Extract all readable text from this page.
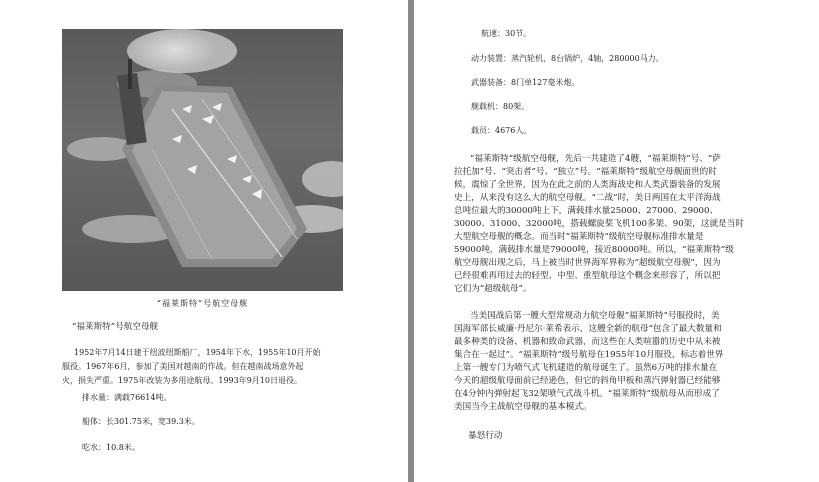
“福莱斯特”号航空母舰
“福莱斯特”号航空母舰
1952年7月14日建于纽波纽斯船厂，1954年下水，1955年10月开始
服役。1967年6月，参加了美国对越南的作战。但在越南战场意外起
火，损失严重。1975年改装为多用途航母。1993年9月10日退役。
排水量：满载76614吨。
船体：长301.75米，宽39.3米。
吃水：10.8米。
航速：30节。
动力装置：蒸汽轮机，8台锅炉，4轴，280000马力。
武器装备：8门单127毫米炮。
舰载机：80架。
载员：4676人。
“福莱斯特”级航空母舰，先后一共建造了4艘，“福莱斯特”号、“萨
拉托加”号、“突击者”号、“独立”号。“福莱斯特”级航空母舰面世的时
候，震惊了全世界，因为在此之前的人类海战史和人类武器装备的发展
史上，从来没有这么大的航空母舰。“二战”时，美日两国在太平洋海战
总吨位最大的30000吨上下，满载排水量25000、27000、29000、
30000、31000、32000吨，搭载螺旋桨飞机100多架、90架，这就是当时
大型航空母舰的概念。而当时“福莱斯特”级航空母舰标准排水量是
59000吨，满载排水量是79000吨，接近80000吨。所以，“福莱斯特”级
航空母舰出现之后，马上被当时世界海军界称为“超级航空母舰”，因为
已经很难再用过去的轻型、中型、重型航母这个概念来形容了，所以把
它们为“超级航母”。
当美国战后第一艘大型常规动力航空母舰“福莱斯特”号服役时，美
国海军部长威廉·丹尼尔·莱希表示，这艘全新的航母“包含了最大数量和
最多种类的设备、机器和致命武器，而这些在人类喧嚣的历史中从未被
集合在一起过”。“福莱斯特”级号航母在1955年10月服役，标志着世界
上第一艘专门为喷气式飞机建造的航母诞生了。虽然6万吨的排水量在
今天的超级航母面前已经逊色，但它的斜角甲板和蒸汽弹射器已经能够
在4分钟内弹射起飞32架喷气式战斗机。“福莱斯特”级航母从而形成了
美国当今主战航空母舰的基本模式。
暴怒行动
